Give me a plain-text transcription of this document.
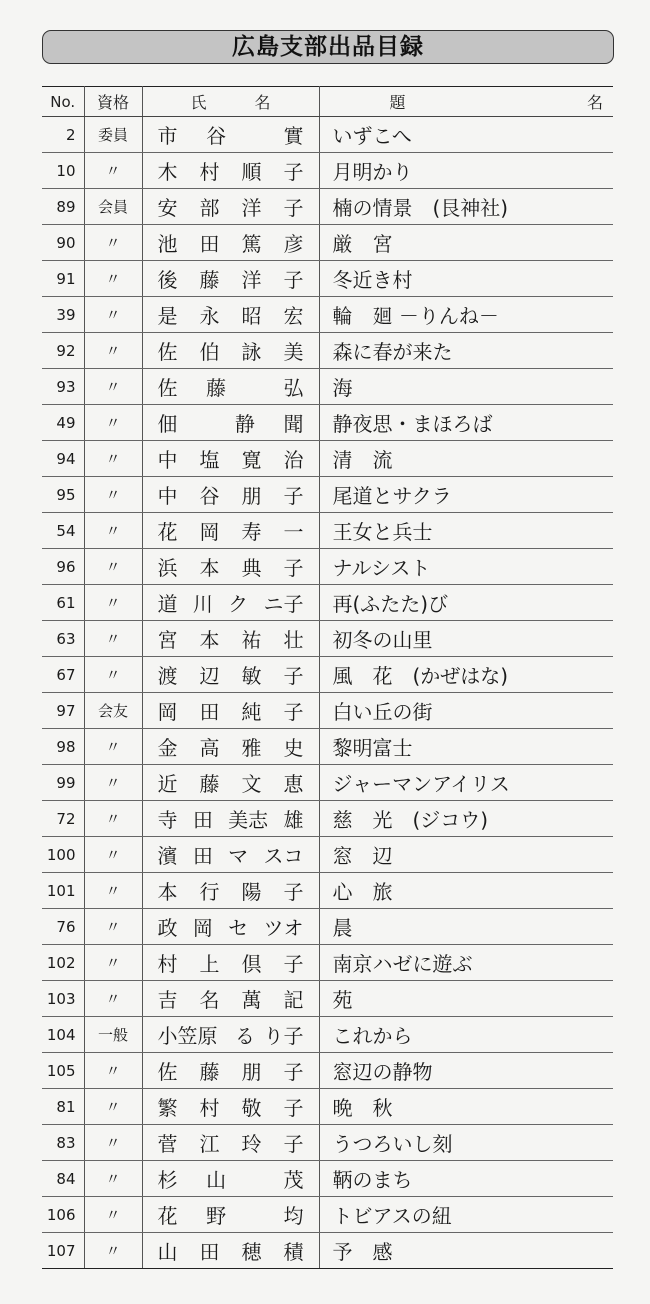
広島支部出品目録
No.	資格	氏 名	題 名

2	委員	市 谷 實	いずこへ
10	〃	木 村 順 子	月明かり
89	会員	安 部 洋 子	楠の情景　(艮神社)
90	〃	池 田 篤 彦	厳　宮
91	〃	後 藤 洋 子	冬近き村
39	〃	是 永 昭 宏	輪　廻 －りんね－
92	〃	佐 伯 詠 美	森に春が来た
93	〃	佐 藤 弘	海
49	〃	佃 静 聞	静夜思・まほろば
94	〃	中 塩 寛 治	清　流
95	〃	中 谷 朋 子	尾道とサクラ
54	〃	花 岡 寿 一	王女と兵士
96	〃	浜 本 典 子	ナルシスト
61	〃	道 川 ク ニ子	再(ふたた)び
63	〃	宮 本 祐 壮	初冬の山里
67	〃	渡 辺 敏 子	風　花　(かぜはな)
97	会友	岡 田 純 子	白い丘の街
98	〃	金 高 雅 史	黎明富士
99	〃	近 藤 文 恵	ジャーマンアイリス
72	〃	寺 田 美志 雄	慈　光　(ジコウ)
100	〃	濱 田 マ スコ	窓　辺
101	〃	本 行 陽 子	心　旅
76	〃	政 岡 セ ツオ	晨
102	〃	村 上 倶 子	南京ハゼに遊ぶ
103	〃	吉 名 萬 記	苑
104	一般	小笠原 る り子	これから
105	〃	佐 藤 朋 子	窓辺の静物
81	〃	繁 村 敬 子	晩　秋
83	〃	菅 江 玲 子	うつろいし刻
84	〃	杉 山 茂	鞆のまち
106	〃	花 野 均	トビアスの紐
107	〃	山 田 穂 積	予　感
